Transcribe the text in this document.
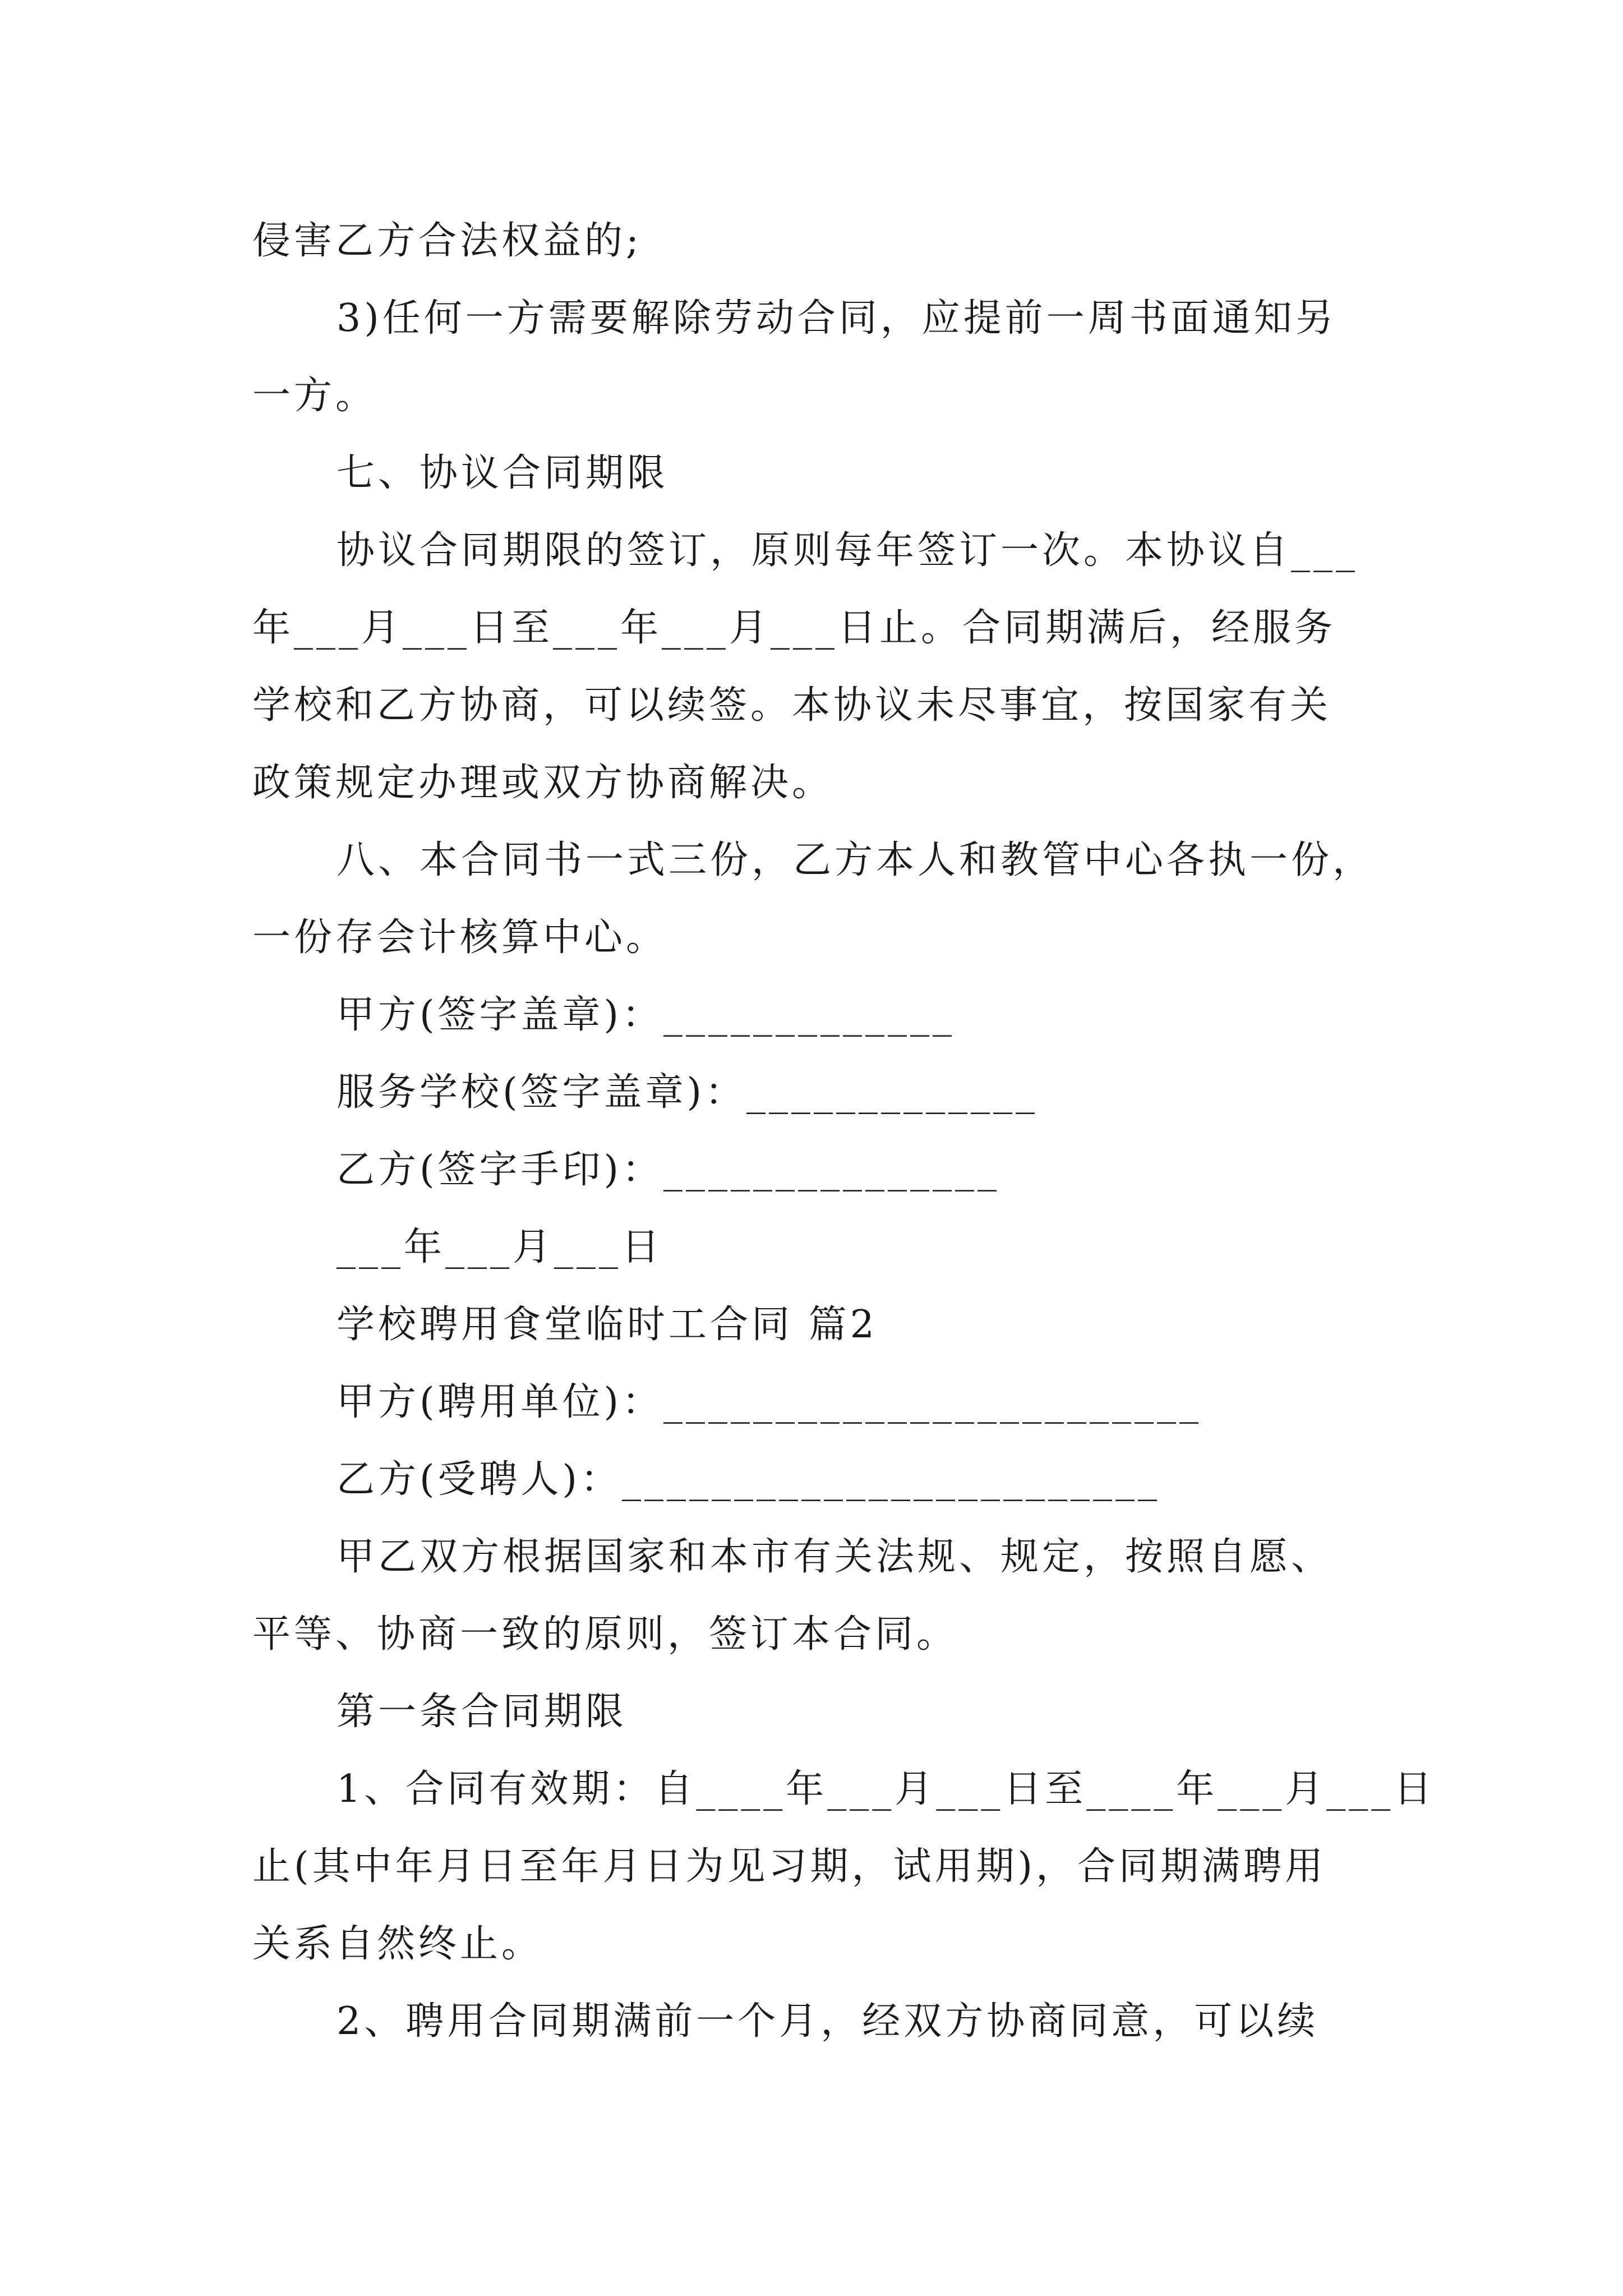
侵害乙方合法权益的;
3)任何一方需要解除劳动合同，应提前一周书面通知另
一方。
七、协议合同期限
协议合同期限的签订，原则每年签订一次。本协议自___
年___月___日至___年___月___日止。合同期满后，经服务
学校和乙方协商，可以续签。本协议未尽事宜，按国家有关
政策规定办理或双方协商解决。
八、本合同书一式三份，乙方本人和教管中心各执一份，
一份存会计核算中心。
甲方(签字盖章)：_____________
服务学校(签字盖章)：_____________
乙方(签字手印)：_______________
___年___月___日
学校聘用食堂临时工合同 篇2
甲方(聘用单位)：________________________
乙方(受聘人)：________________________
甲乙双方根据国家和本市有关法规、规定，按照自愿、
平等、协商一致的原则，签订本合同。
第一条合同期限
1、合同有效期：自____年___月___日至____年___月___日
止(其中年月日至年月日为见习期，试用期)，合同期满聘用
关系自然终止。
2、聘用合同期满前一个月，经双方协商同意，可以续
